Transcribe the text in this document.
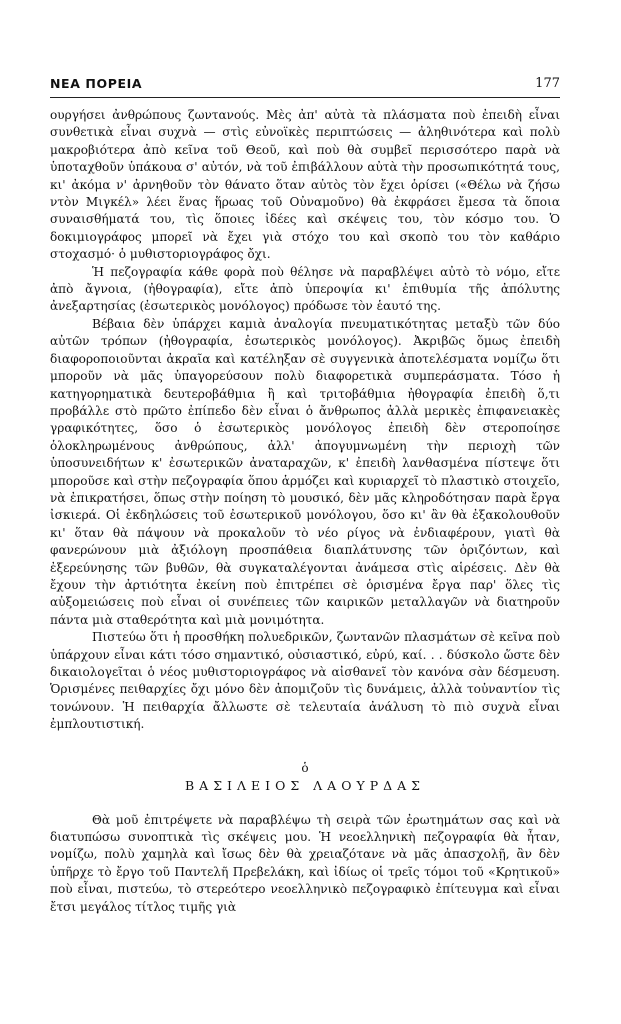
ΝΕΑ ΠΟΡΕΙΑ	177

ουργήσει ἀνθρώπους ζωντανούς. Μὲς ἀπ' αὐτὰ τὰ πλάσματα ποὺ ἐπειδὴ εἶναι συνθετικὰ εἶναι συχνὰ — στὶς εὐνοϊκὲς περιπτώσεις — ἀληθινότερα καὶ πολὺ μακροβιότερα ἀπὸ κεῖνα τοῦ Θεοῦ, καὶ ποὺ θὰ συμβεῖ περισσότερο παρὰ νὰ ὑποταχθοῦν ὑπάκουα σ' αὐτόν, νὰ τοῦ ἐπιβάλλουν αὐτὰ τὴν προσωπικότητά τους, κι' ἀκόμα ν' ἀρνηθοῦν τὸν θάνατο ὅταν αὐτὸς τὸν ἔχει ὁρίσει («Θέλω νὰ ζήσω ντὸν Μιγκέλ» λέει ἕνας ἥρωας τοῦ Οὐναμοῦνο) θὰ ἐκφράσει ἔμεσα τὰ ὅποια συναισθήματά του, τὶς ὅποιες ἰδέες καὶ σκέψεις του, τὸν κόσμο του. Ὁ δοκιμιογράφος μπορεῖ νὰ ἔχει γιὰ στόχο του καὶ σκοπὸ του τὸν καθάριο στοχασμό· ὁ μυθιστοριογράφος ὄχι.

Ἡ πεζογραφία κάθε φορὰ ποὺ θέλησε νὰ παραβλέψει αὐτὸ τὸ νόμο, εἴτε ἀπὸ ἄγνοια, (ἠθογραφία), εἴτε ἀπὸ ὑπεροψία κι' ἐπιθυμία τῆς ἀπόλυτης ἀνεξαρτησίας (ἐσωτερικὸς μονόλογος) πρόδωσε τὸν ἑαυτό της.

Βέβαια δὲν ὑπάρχει καμιὰ ἀναλογία πνευματικότητας μεταξὺ τῶν δύο αὐτῶν τρόπων (ἠθογραφία, ἐσωτερικὸς μονόλογος). Ἀκριβῶς ὅμως ἐπειδὴ διαφοροποιοῦνται ἀκραῖα καὶ κατέληξαν σὲ συγγενικὰ ἀποτελέσματα νομίζω ὅτι μποροῦν νὰ μᾶς ὑπαγορεύσουν πολὺ διαφορετικὰ συμπεράσματα. Τόσο ἡ κατηγορηματικὰ δευτεροβάθμια ἢ καὶ τριτοβάθμια ἠθογραφία ἐπειδὴ ὅ,τι προβάλλε στὸ πρῶτο ἐπίπεδο δὲν εἶναι ὁ ἄνθρωπος ἀλλὰ μερικὲς ἐπιφανειακὲς γραφικότητες, ὅσο ὁ ἐσωτερικὸς μονόλογος ἐπειδὴ δὲν στεροποίησε ὁλοκληρωμένους ἀνθρώπους, ἀλλ' ἀπογυμνωμένη τὴν περιοχὴ τῶν ὑποσυνειδήτων κ' ἐσωτερικῶν ἀναταραχῶν, κ' ἐπειδὴ λανθασμένα πίστεψε ὅτι μποροῦσε καὶ στὴν πεζογραφία ὅπου ἁρμόζει καὶ κυριαρχεῖ τὸ πλαστικὸ στοιχεῖο, νὰ ἐπικρατήσει, ὅπως στὴν ποίηση τὸ μουσικό, δὲν μᾶς κληροδότησαν παρὰ ἔργα ἰσκιερά. Οἱ ἐκδηλώσεις τοῦ ἐσωτερικοῦ μονόλογου, ὅσο κι' ἂν θὰ ἐξακολουθοῦν κι' ὅταν θὰ πάψουν νὰ προκαλοῦν τὸ νέο ρίγος νὰ ἐνδιαφέρουν, γιατὶ θὰ φανερώνουν μιὰ ἀξιόλογη προσπάθεια διαπλάτυνσης τῶν ὁριζόντων, καὶ ἐξερεύνησης τῶν βυθῶν, θὰ συγκαταλέγονται ἀνάμεσα στὶς αἱρέσεις. Δὲν θὰ ἔχουν τὴν ἀρτιότητα ἐκείνη ποὺ ἐπιτρέπει σὲ ὁρισμένα ἔργα παρ' ὅλες τὶς αὐξομειώσεις ποὺ εἶναι οἱ συνέπειες τῶν καιρικῶν μεταλλαγῶν νὰ διατηροῦν πάντα μιὰ σταθερότητα καὶ μιὰ μονιμότητα.

Πιστεύω ὅτι ἡ προσθήκη πολυεδρικῶν, ζωντανῶν πλασμάτων σὲ κεῖνα ποὺ ὑπάρχουν εἶναι κάτι τόσο σημαντικό, οὐσιαστικό, εὐρύ, καί. . . δύσκολο ὥστε δὲν δικαιολογεῖται ὁ νέος μυθιστοριογράφος νὰ αἰσθανεῖ τὸν κανόνα σὰν δέσμευση. Ὁρισμένες πειθαρχίες ὄχι μόνο δὲν ἀπομιζοῦν τὶς δυνάμεις, ἀλλὰ τοὐναντίον τὶς τονώνουν. Ἡ πειθαρχία ἄλλωστε σὲ τελευταία ἀνάλυση τὸ πιὸ συχνὰ εἶναι ἐμπλουτιστική.

ὁ
ΒΑΣΙΛΕΙΟΣ ΛΑΟΥΡΔΑΣ

Θὰ μοῦ ἐπιτρέψετε νὰ παραβλέψω τὴ σειρὰ τῶν ἐρωτημάτων σας καὶ νὰ διατυπώσω συνοπτικὰ τὶς σκέψεις μου. Ἡ νεοελληνικὴ πεζογραφία θὰ ἦταν, νομίζω, πολὺ χαμηλὰ καὶ ἴσως δὲν θὰ χρειαζότανε νὰ μᾶς ἀπασχολῇ, ἂν δὲν ὑπῆρχε τὸ ἔργο τοῦ Παντελῆ Πρεβελάκη, καὶ ἰδίως οἱ τρεῖς τόμοι τοῦ «Κρητικοῦ» ποὺ εἶναι, πιστεύω, τὸ στερεότερο νεοελληνικὸ πεζογραφικὸ ἐπίτευγμα καὶ εἶναι ἔτσι μεγάλος τίτλος τιμῆς γιὰ
